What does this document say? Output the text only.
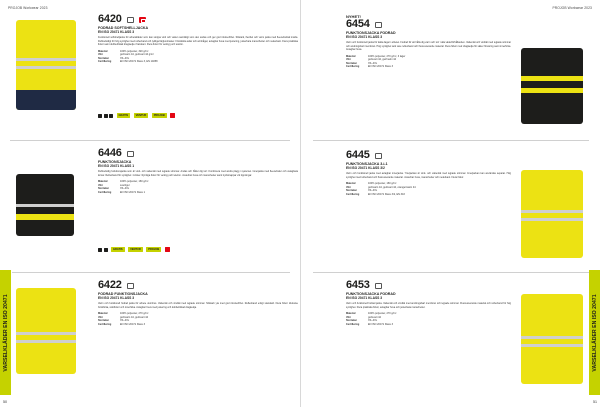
PROJOB Workwear 2023
6420
FODRAD SOFTSHELLJACKA
EN ISO 20471 KLASS 3
Funktionell softshelljacka för arbetskläder som kan stoppa vind och vatten samtidigt som den andas och ger god rörelsefrihet. Slitstark, flexibel och varm jacka med fleecefodrad insida. Dubbelsidigt för hög synlighet med reflexband och tydliga färgkontraster. Förstärkta axlar och armbågar, avtagbar huva med justering, justerbara manschetter och nederkant. Flera praktiska fickor samt dubbelriktad dragkedja i framkant. Flera fickor för verktyg och telefon.
Material	100% polyester, 320 g/m²
Vikt	gul/marin 44, gul/svart 44 g/m²
Storlekar	XS–4XL
Certifiering	EN ISO 20471 Klass 3, EN 14058
GRATIS	VENTUR	PROJOB
6446
FUNKTIONSJACKA
EN ISO 20471 KLASS 1
Dubbelsidig funktionsjacka som är vind- och vattentät med tejpade sömmar. Andas och håller dig torr. Kombinera med andra plagg i systemet. Innerjacka med fleecefoder och avtagbara ärmar. Reflexband för synlighet i mörker. Rymliga fickor för verktyg och telefon. Justerbar huva och manschetter samt tryckknappar vid öppningar.
Material	100% polyester, 160 g/m²
Vikt	svart/gul
Storlekar	XS–4XL
Certifiering	EN ISO 20471 Klass 1
GRATIS	VENTUR	PROJOB
6422
FODRAD FUNKTIONSJACKA
EN ISO 20471 KLASS 3
Varm och funktionell fodrad jacka för arbete utomhus. Vattentät och vindtät med tejpade sömmar. Slitstark yta med god rörelsefrihet. Reflexband enligt standard. Flera fickor inklusive bröstficka, sidofickor och innerficka. Avtagbar huva med justering och dubbelriktad dragkedja.
Material	100% polyester, 270 g/m²
Vikt	gul/marin 44, gul/svart 44
Storlekar	XS–4XL
Certifiering	EN ISO 20471 Klass 3
VARSELKLÄDER EN ISO 20471
50
PROJOB Workwear 2023
NYHET!
6454
FUNKTIONSJACKA FODRAD
EN ISO 20471 KLASS 3
Varm och funktionell jacka för kalla dagar i arbetet. Fodrad för att hålla dig varm och torr i alla väderförhållanden. Vattentät och vindtät med tejpade sömmar och andningsbart membran. Hög synlighet tack vare reflexband och fluorescerande material. Flera fickor med dragkedja för säker förvaring samt innerficka. Avtagbar huva.
Material	100% polyester, 270 g/m², 3 lager
Vikt	gul/svart 44, gul/marin 44
Storlekar	XS–4XL
Certifiering	EN ISO 20471 Klass 3
6445
FUNKTIONSJACKA 3-i-1
EN ISO 20471 KLASS 3/2
Varm och funktionell jacka med avtagbar innerjacka. Ytterjackan är vind- och vattentät med tejpade sömmar. Innerjackan kan användas separat. Hög synlighet med reflexband och fluorescerande material. Justerbar huva, manschetter och nederkant. Flera fickor.
Material	100% polyester, 160 g/m²
Vikt	gul/marin 44, gul/svart 44, orange/marin 44
Storlekar	XS–4XL
Certifiering	EN ISO 20471 Klass 3/2, EN 343
6453
FUNKTIONSJACKA FODRAD
EN ISO 20471 KLASS 3
Varm och funktionell fodrad jacka. Vattentät och vindtät med andningsbart membran och tejpade sömmar. Fluorescerande material och reflexband för hög synlighet. Flera praktiska fickor, avtagbar huva och justerbara manschetter.
Material	100% polyester, 270 g/m²
Vikt	gul/svart 44
Storlekar	XS–4XL
Certifiering	EN ISO 20471 Klass 3	VARSELKLÄDER EN ISO 20471
51
